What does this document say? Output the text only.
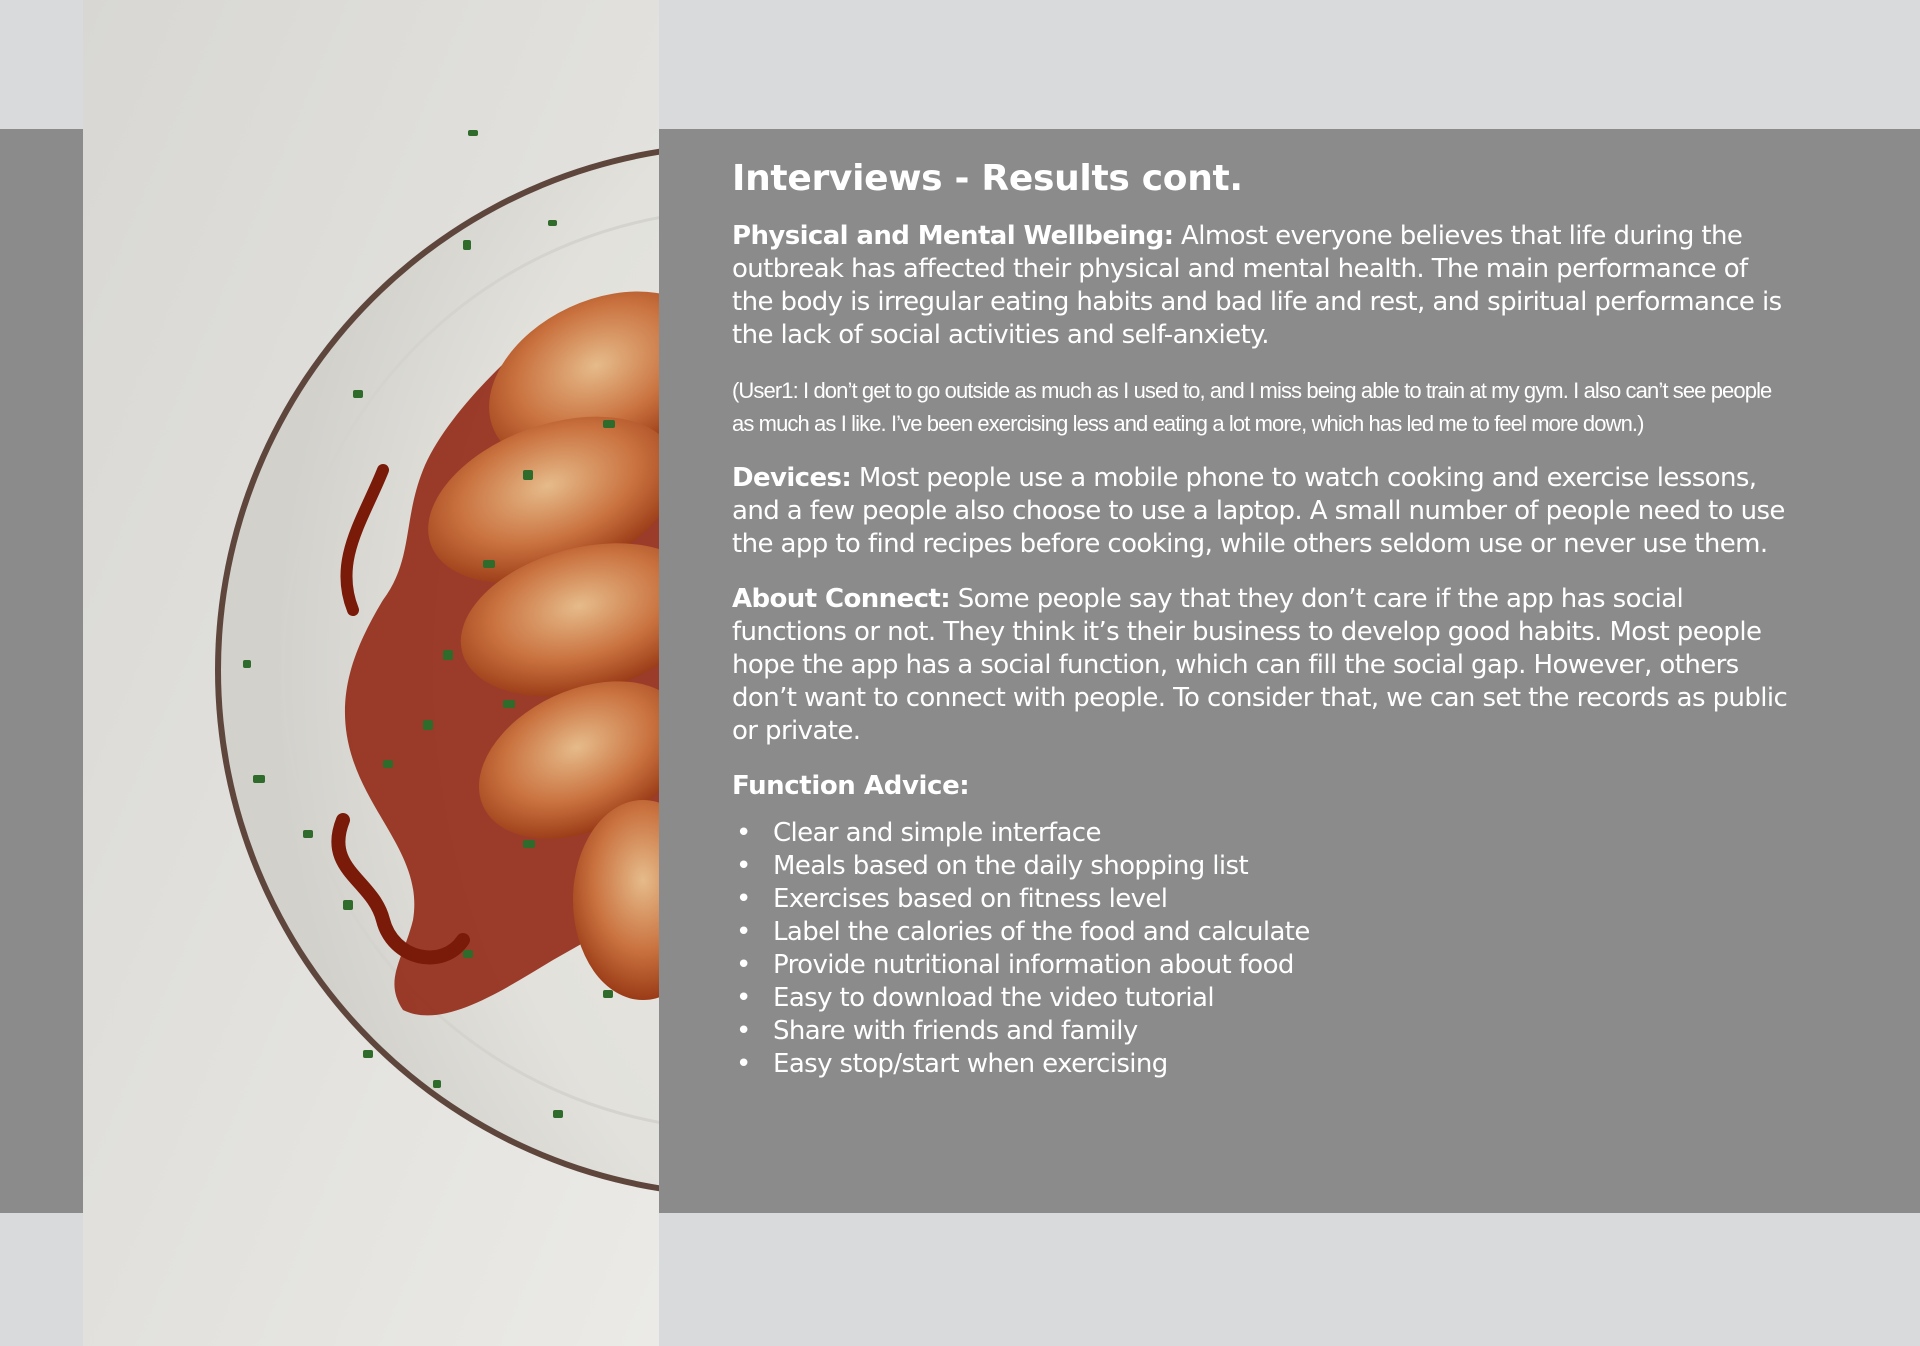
Interviews - Results cont.

Physical and Mental Wellbeing: Almost everyone believes that life during the outbreak has affected their physical and mental health. The main performance of the body is irregular eating habits and bad life and rest, and spiritual performance is the lack of social activities and self-anxiety.

(User1: I don’t get to go outside as much as I used to, and I miss being able to train at my gym. I also can’t see people as much as I like. I’ve been exercising less and eating a lot more, which has led me to feel more down.)

Devices: Most people use a mobile phone to watch cooking and exercise lessons, and a few people also choose to use a laptop. A small number of people need to use the app to find recipes before cooking, while others seldom use or never use them.

About Connect: Some people say that they don’t care if the app has social functions or not. They think it’s their business to develop good habits. Most people hope the app has a social function, which can fill the social gap. However, others don’t want to connect with people. To consider that, we can set the records as public or private.

Function Advice:

• Clear and simple interface
• Meals based on the daily shopping list
• Exercises based on fitness level
• Label the calories of the food and calculate
• Provide nutritional information about food
• Easy to download the video tutorial
• Share with friends and family
• Easy stop/start when exercising
